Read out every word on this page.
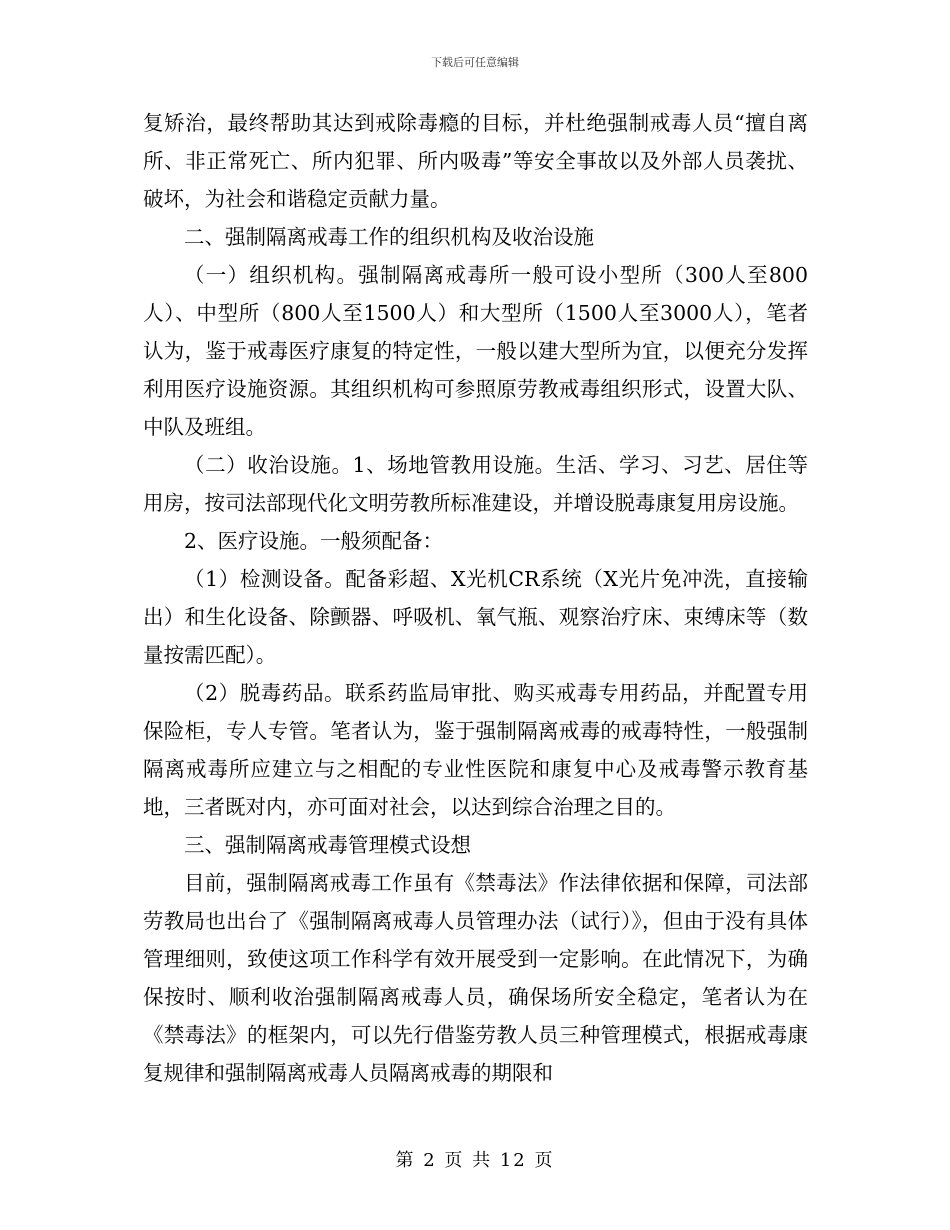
下载后可任意编辑

复矫治，最终帮助其达到戒除毒瘾的目标，并杜绝强制戒毒人员“擅自离所、非正常死亡、所内犯罪、所内吸毒”等安全事故以及外部人员袭扰、破坏，为社会和谐稳定贡献力量。

二、强制隔离戒毒工作的组织机构及收治设施

（一）组织机构。强制隔离戒毒所一般可设小型所（300人至800人）、中型所（800人至1500人）和大型所（1500人至3000人），笔者认为，鉴于戒毒医疗康复的特定性，一般以建大型所为宜，以便充分发挥利用医疗设施资源。其组织机构可参照原劳教戒毒组织形式，设置大队、中队及班组。

（二）收治设施。1、场地管教用设施。生活、学习、习艺、居住等用房，按司法部现代化文明劳教所标准建设，并增设脱毒康复用房设施。

2、医疗设施。一般须配备：

（1）检测设备。配备彩超、X光机CR系统（X光片免冲洗，直接输出）和生化设备、除颤器、呼吸机、氧气瓶、观察治疗床、束缚床等（数量按需匹配）。

（2）脱毒药品。联系药监局审批、购买戒毒专用药品，并配置专用保险柜，专人专管。笔者认为，鉴于强制隔离戒毒的戒毒特性，一般强制隔离戒毒所应建立与之相配的专业性医院和康复中心及戒毒警示教育基地，三者既对内，亦可面对社会，以达到综合治理之目的。

三、强制隔离戒毒管理模式设想

目前，强制隔离戒毒工作虽有《禁毒法》作法律依据和保障，司法部劳教局也出台了《强制隔离戒毒人员管理办法（试行）》，但由于没有具体管理细则，致使这项工作科学有效开展受到一定影响。在此情况下，为确保按时、顺利收治强制隔离戒毒人员，确保场所安全稳定，笔者认为在《禁毒法》的框架内，可以先行借鉴劳教人员三种管理模式，根据戒毒康复规律和强制隔离戒毒人员隔离戒毒的期限和

第 2 页 共 12 页
